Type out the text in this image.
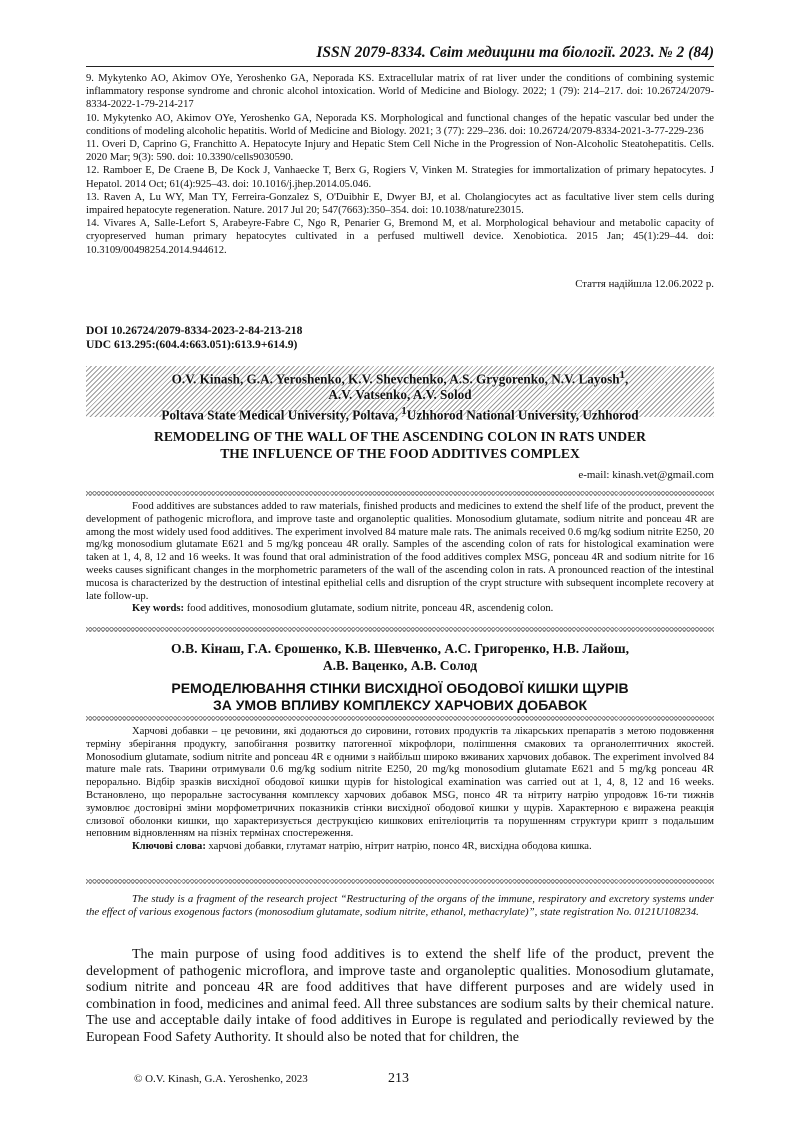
ISSN 2079-8334. Світ медицини та біології. 2023. № 2 (84)

9. Mykytenko AO, Akimov OYe, Yeroshenko GA, Neporada KS. Extracellular matrix of rat liver under the conditions of combining systemic inflammatory response syndrome and chronic alcohol intoxication. World of Medicine and Biology. 2022; 1 (79): 214–217. doi: 10.26724/2079-8334-2022-1-79-214-217

10. Mykytenko AO, Akimov OYe, Yeroshenko GA, Neporada KS. Morphological and functional changes of the hepatic vascular bed under the conditions of modeling alcoholic hepatitis. World of Medicine and Biology. 2021; 3 (77): 229–236. doi: 10.26724/2079-8334-2021-3-77-229-236

11. Overi D, Caprino G, Franchitto A. Hepatocyte Injury and Hepatic Stem Cell Niche in the Progression of Non-Alcoholic Steatohepatitis. Cells. 2020 Mar; 9(3): 590. doi: 10.3390/cells9030590.

12. Ramboer E, De Craene B, De Kock J, Vanhaecke T, Berx G, Rogiers V, Vinken M. Strategies for immortalization of primary hepatocytes. J Hepatol. 2014 Oct; 61(4):925–43. doi: 10.1016/j.jhep.2014.05.046.

13. Raven A, Lu WY, Man TY, Ferreira-Gonzalez S, O'Duibhir E, Dwyer BJ, et al. Cholangiocytes act as facultative liver stem cells during impaired hepatocyte regeneration. Nature. 2017 Jul 20; 547(7663):350–354. doi: 10.1038/nature23015.

14. Vivares A, Salle-Lefort S, Arabeyre-Fabre C, Ngo R, Penarier G, Bremond M, et al. Morphological behaviour and metabolic capacity of cryopreserved human primary hepatocytes cultivated in a perfused multiwell device. Xenobiotica. 2015 Jan; 45(1):29–44. doi: 10.3109/00498254.2014.944612.

Стаття надійшла 12.06.2022 р.
DOI 10.26724/2079-8334-2023-2-84-213-218
UDC 613.295:(604.4:663.051):613.9+614.9)
O.V. Kinash, G.A. Yeroshenko, K.V. Shevchenko, A.S. Grygorenko, N.V. Layosh$^1$,
A.V. Vatsenko, A.V. Solod
Poltava State Medical University, Poltava, $^1$Uzhhorod National University, Uzhhorod
REMODELING OF THE WALL OF THE ASCENDING COLON IN RATS UNDER
THE INFLUENCE OF THE FOOD ADDITIVES COMPLEX
e-mail: kinash.vet@gmail.com

Food additives are substances added to raw materials, finished products and medicines to extend the shelf life of the product, prevent the development of pathogenic microflora, and improve taste and organoleptic qualities. Monosodium glutamate, sodium nitrite and ponceau 4R are among the most widely used food additives. The experiment involved 84 mature male rats. The animals received 0.6 mg/kg sodium nitrite E250, 20 mg/kg monosodium glutamate E621 and 5 mg/kg ponceau 4R orally. Samples of the ascending colon of rats for histological examination were taken at 1, 4, 8, 12 and 16 weeks. It was found that oral administration of the food additives complex MSG, ponceau 4R and sodium nitrite for 16 weeks causes significant changes in the morphometric parameters of the wall of the ascending colon in rats. A pronounced reaction of the intestinal mucosa is characterized by the destruction of intestinal epithelial cells and disruption of the crypt structure with subsequent incomplete recovery at late follow-up.

Key words: food additives, monosodium glutamate, sodium nitrite, ponceau 4R, ascendenig colon.

О.В. Кінаш, Г.А. Єрошенко, К.В. Шевченко, А.С. Григоренко, Н.В. Лайош,
А.В. Ваценко, А.В. Солод
РЕМОДЕЛЮВАННЯ СТІНКИ ВИСХІДНОЇ ОБОДОВОЇ КИШКИ ЩУРІВ
ЗА УМОВ ВПЛИВУ КОМПЛЕКСУ ХАРЧОВИХ ДОБАВОК

Харчові добавки – це речовини, які додаються до сировини, готових продуктів та лікарських препаратів з метою подовження терміну зберігання продукту, запобігання розвитку патогенної мікрофлори, поліпшення смакових та органолептичних якостей. Monosodium glutamate, sodium nitrite and ponceau 4R є одними з найбільш широко вживаних харчових добавок. The experiment involved 84 mature male rats. Тварини отримували 0.6 mg/kg sodium nitrite E250, 20 mg/kg monosodium glutamate E621 and 5 mg/kg ponceau 4R перорально. Відбір зразків висхідної ободової кишки щурів for histological examination was carried out at 1, 4, 8, 12 and 16 weeks. Встановлено, що пероральне застосування комплексу харчових добавок MSG, понсо 4R та нітриту натрію упродовж 16-ти тижнів зумовлює достовірні зміни морфометричних показників стінки висхідної ободової кишки у щурів. Характерною є виражена реакція слизової оболонки кишки, що характеризується деструкцією кишкових епітеліоцитів та порушенням структури крипт з подальшим неповним відновленням на пізніх термінах спостереження.

Ключові слова: харчові добавки, глутамат натрію, нітрит натрію, понсо 4R, висхідна ободова кишка.

The study is a fragment of the research project “Restructuring of the organs of the immune, respiratory and excretory systems under the effect of various exogenous factors (monosodium glutamate, sodium nitrite, ethanol, methacrylate)”, state registration No. 0121U108234.
The main purpose of using food additives is to extend the shelf life of the product, prevent the development of pathogenic microflora, and improve taste and organoleptic qualities. Monosodium glutamate, sodium nitrite and ponceau 4R are food additives that have different purposes and are widely used in combination in food, medicines and animal feed. All three substances are sodium salts by their chemical nature. The use and acceptable daily intake of food additives in Europe is regulated and periodically reviewed by the European Food Safety Authority. It should also be noted that for children, the
© O.V. Kinash, G.A. Yeroshenko, 2023	213
